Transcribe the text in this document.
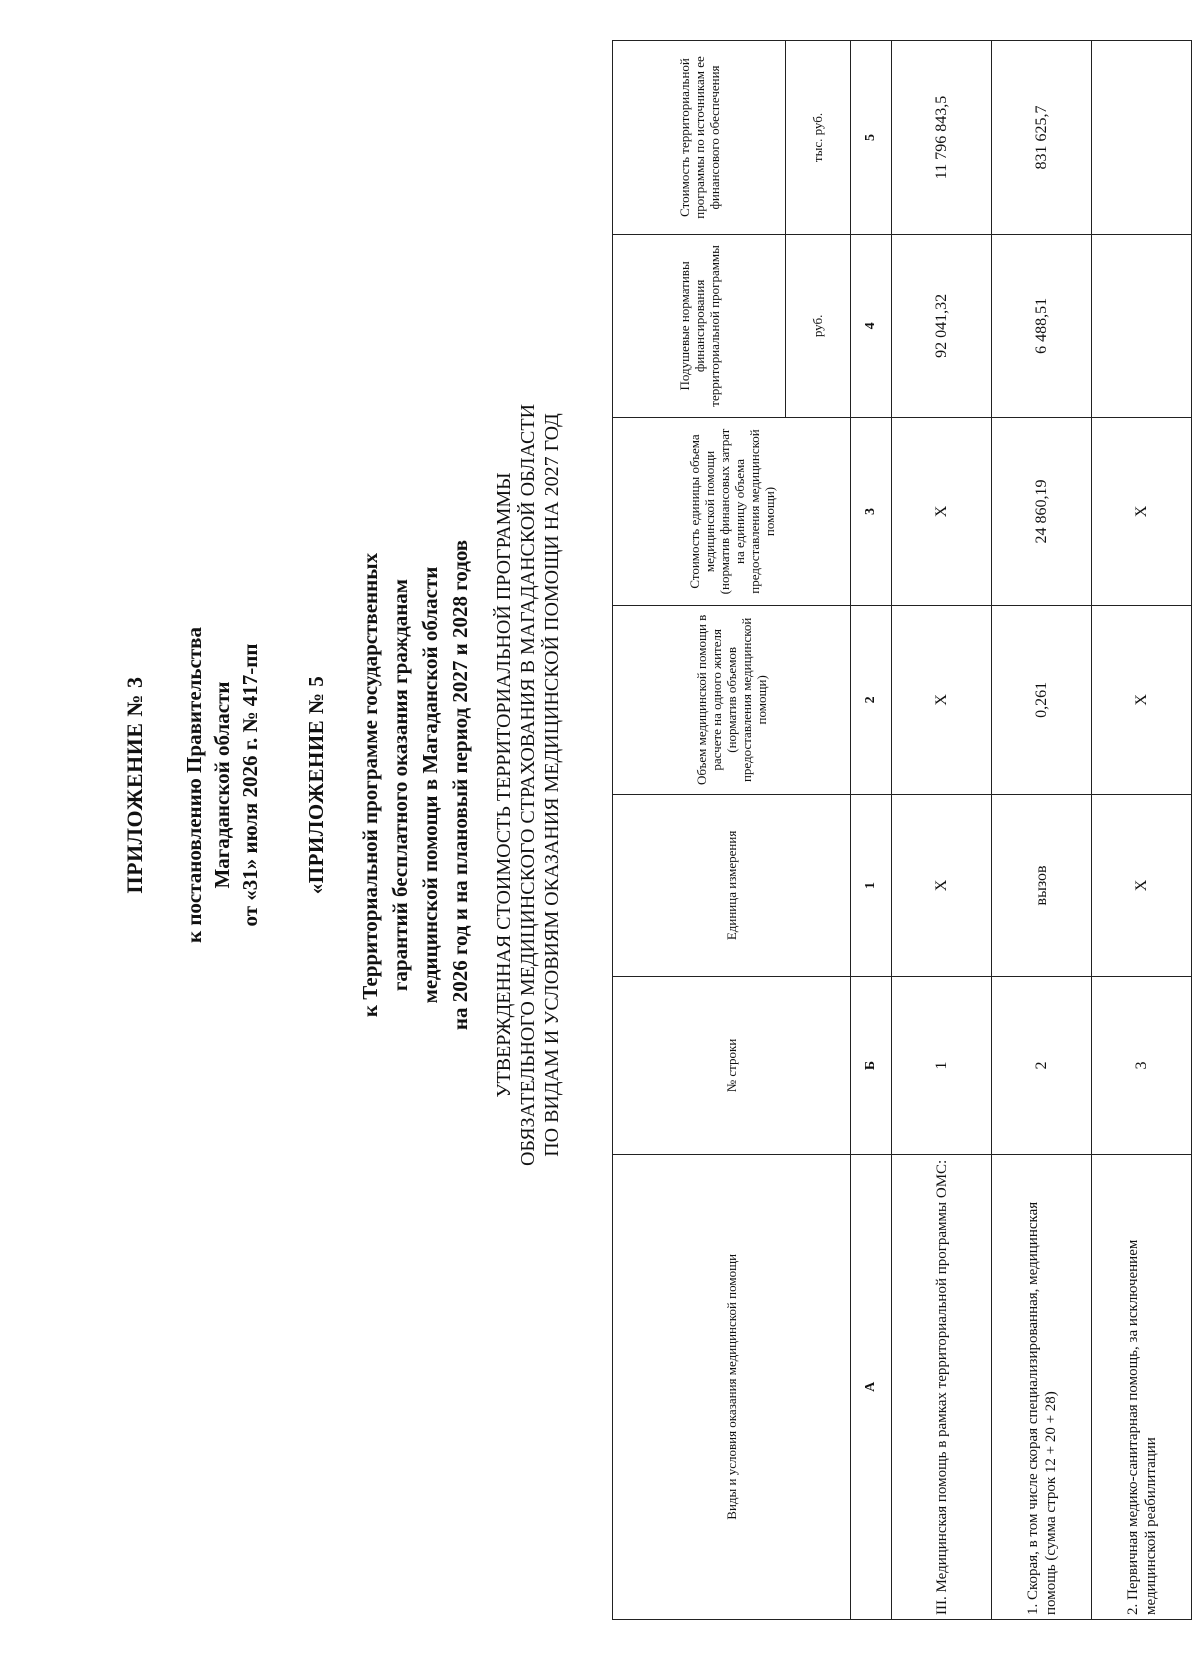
ПРИЛОЖЕНИЕ № 3 к постановлению Правительства Магаданской области от «31» июля 2026 г. № 417-пп «ПРИЛОЖЕНИЕ № 5 к Территориальной программе государственных гарантий бесплатного оказания гражданам медицинской помощи в Магаданской области на 2026 год и на плановый период 2027 и 2028 годов УТВЕРЖДЕННАЯ СТОИМОСТЬ ТЕРРИТОРИАЛЬНОЙ ПРОГРАММЫ ОБЯЗАТЕЛЬНОГО МЕДИЦИНСКОГО СТРАХОВАНИЯ В МАГАДАНСКОЙ ОБЛАСТИ ПО ВИДАМ И УСЛОВИЯМ ОКАЗАНИЯ МЕДИЦИНСКОЙ ПОМОЩИ НА 2027 ГОД
Виды и условия оказания медицинской помощи	№ строки	Единица измерения	Объем медицинской помощи в расчете на одного жителя (норматив объемов предоставления медицинской помощи)	Стоимость единицы объема медицинской помощи (норматив финансовых затрат на единицу объема предоставления медицинской помощи)	Подушевые нормативы финансирования территориальной программы	Стоимость территориальной программы по источникам ее финансового обеспечения
					руб.	тыс. руб.
А	Б	1	2	3	4	5
III. Медицинская помощь в рамках территориальной программы ОМС:	1	X	X	X	92 041,32	11 796 843,5
1. Скорая, в том числе скорая специализированная, медицинская помощь (сумма строк 12 + 20 + 28)	2	вызов	0,261	24 860,19	6 488,51	831 625,7
2. Первичная медико-санитарная помощь, за исключением медицинской реабилитации	3	X	X	X		
